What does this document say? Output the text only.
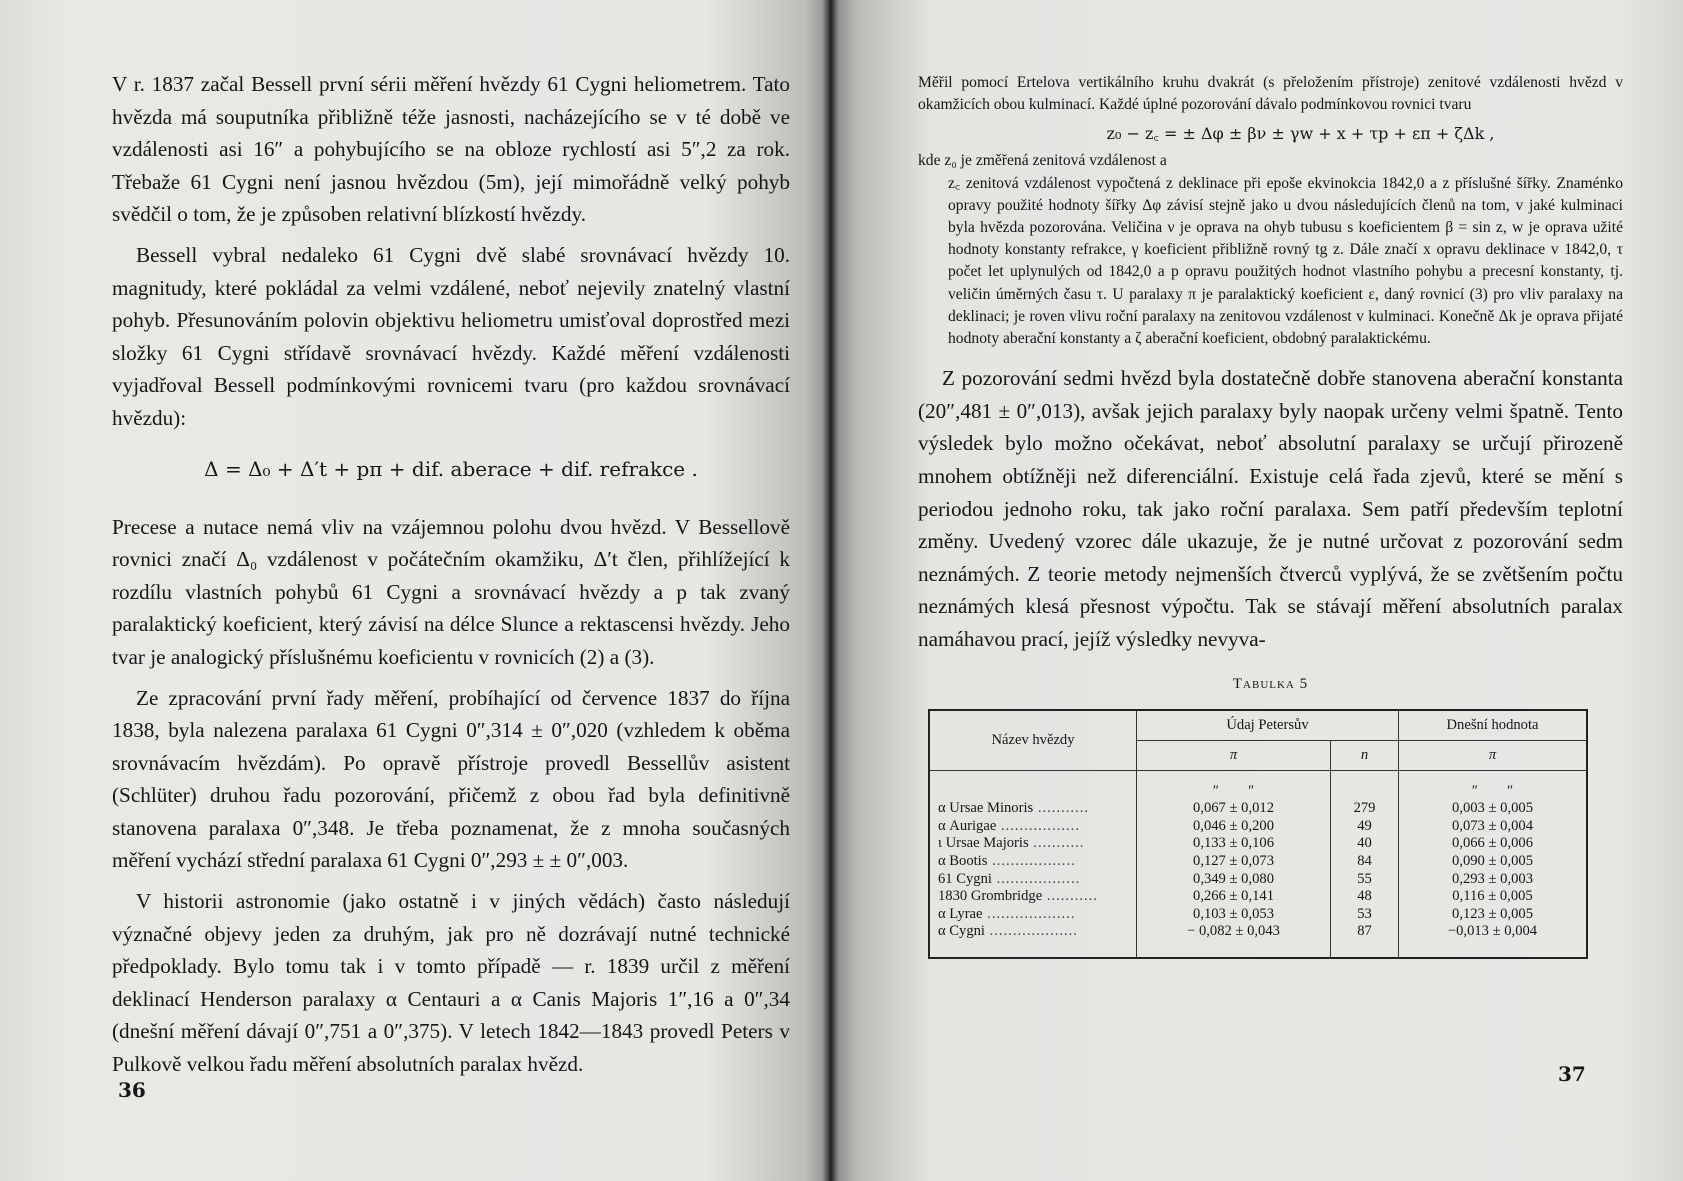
V r. 1837 začal Bessell první sérii měření hvězdy 61 Cygni heliometrem. Tato hvězda má souputníka přibližně téže jasnosti, nacházejícího se v té době ve vzdálenosti asi 16″ a pohybujícího se na obloze rychlostí asi 5″,2 za rok. Třebaže 61 Cygni není jasnou hvězdou (5m), její mimořádně velký pohyb svědčil o tom, že je způsoben relativní blízkostí hvězdy.

Bessell vybral nedaleko 61 Cygni dvě slabé srovnávací hvězdy 10. magnitudy, které pokládal za velmi vzdálené, neboť nejevily znatelný vlastní pohyb. Přesunováním polovin objektivu heliometru umisťoval doprostřed mezi složky 61 Cygni střídavě srovnávací hvězdy. Každé měření vzdálenosti vyjadřoval Bessell podmínkovými rovnicemi tvaru (pro každou srovnávací hvězdu):

Δ = Δ₀ + Δ′t + pπ + dif. aberace + dif. refrakce .

Precese a nutace nemá vliv na vzájemnou polohu dvou hvězd. V Bessellově rovnici značí Δ₀ vzdálenost v počátečním okamžiku, Δ′t člen, přihlížející k rozdílu vlastních pohybů 61 Cygni a srovnávací hvězdy a p tak zvaný paralaktický koeficient, který závisí na délce Slunce a rektascensi hvězdy. Jeho tvar je analogický příslušnému koeficientu v rovnicích (2) a (3).

Ze zpracování první řady měření, probíhající od července 1837 do října 1838, byla nalezena paralaxa 61 Cygni 0″,314 ± 0″,020 (vzhledem k oběma srovnávacím hvězdám). Po opravě přístroje provedl Bessellův asistent (Schlüter) druhou řadu pozorování, přičemž z obou řad byla definitivně stanovena paralaxa 0″,348. Je třeba poznamenat, že z mnoha současných měření vychází střední paralaxa 61 Cygni 0″,293 ± ± 0″,003.

V historii astronomie (jako ostatně i v jiných vědách) často následují význačné objevy jeden za druhým, jak pro ně dozrávají nutné technické předpoklady. Bylo tomu tak i v tomto případě — r. 1839 určil z měření deklinací Henderson paralaxy α Centauri a α Canis Majoris 1″,16 a 0″,34 (dnešní měření dávají 0″,751 a 0″,375). V letech 1842—1843 provedl Peters v Pulkově velkou řadu měření absolutních paralax hvězd.

36

Měřil pomocí Ertelova vertikálního kruhu dvakrát (s přeložením přístroje) zenitové vzdálenosti hvězd v okamžicích obou kulminací. Každé úplné pozorování dávalo podmínkovou rovnici tvaru

z₀ − z꜀ = ± Δφ ± βν ± γw + x + τp + επ + ζΔk ,

kde z₀ je změřená zenitová vzdálenost a

z꜀ zenitová vzdálenost vypočtená z deklinace při epoše ekvinokcia 1842,0 a z příslušné šířky. Znaménko opravy použité hodnoty šířky Δφ závisí stejně jako u dvou následujících členů na tom, v jaké kulminaci byla hvězda pozorována. Veličina ν je oprava na ohyb tubusu s koeficientem β = sin z, w je oprava užité hodnoty konstanty refrakce, γ koeficient přibližně rovný tg z. Dále značí x opravu deklinace v 1842,0, τ počet let uplynulých od 1842,0 a p opravu použitých hodnot vlastního pohybu a precesní konstanty, tj. veličin úměrných času τ. U paralaxy π je paralaktický koeficient ε, daný rovnicí (3) pro vliv paralaxy na deklinaci; je roven vlivu roční paralaxy na zenitovou vzdálenost v kulminaci. Konečně Δk je oprava přijaté hodnoty aberační konstanty a ζ aberační koeficient, obdobný paralaktickému.

Z pozorování sedmi hvězd byla dostatečně dobře stanovena aberační konstanta (20″,481 ± 0″,013), avšak jejich paralaxy byly naopak určeny velmi špatně. Tento výsledek bylo možno očekávat, neboť absolutní paralaxy se určují přirozeně mnohem obtížněji než diferenciální. Existuje celá řada zjevů, které se mění s periodou jednoho roku, tak jako roční paralaxa. Sem patří především teplotní změny. Uvedený vzorec dále ukazuje, že je nutné určovat z pozorování sedm neznámých. Z teorie metody nejmenších čtverců vyplývá, že se zvětšením počtu neznámých klesá přesnost výpočtu. Tak se stávají měření absolutních paralax namáhavou prací, jejíž výsledky nevyva-

Tabulka 5
Název hvězdy	Údaj Petersův		Dnešní hodnota
	π	n	π
	″        ″		″        ″
α Ursae Minoris ...........	0,067 ± 0,012	279	0,003 ± 0,005
α Aurigae .................	0,046 ± 0,200	49	0,073 ± 0,004
ι Ursae Majoris ...........	0,133 ± 0,106	40	0,066 ± 0,006
α Bootis ..................	0,127 ± 0,073	84	0,090 ± 0,005
61 Cygni ..................	0,349 ± 0,080	55	0,293 ± 0,003
1830 Grombridge ...........	0,266 ± 0,141	48	0,116 ± 0,005
α Lyrae ...................	0,103 ± 0,053	53	0,123 ± 0,005
α Cygni ...................	− 0,082 ± 0,043	87	−0,013 ± 0,004
37
